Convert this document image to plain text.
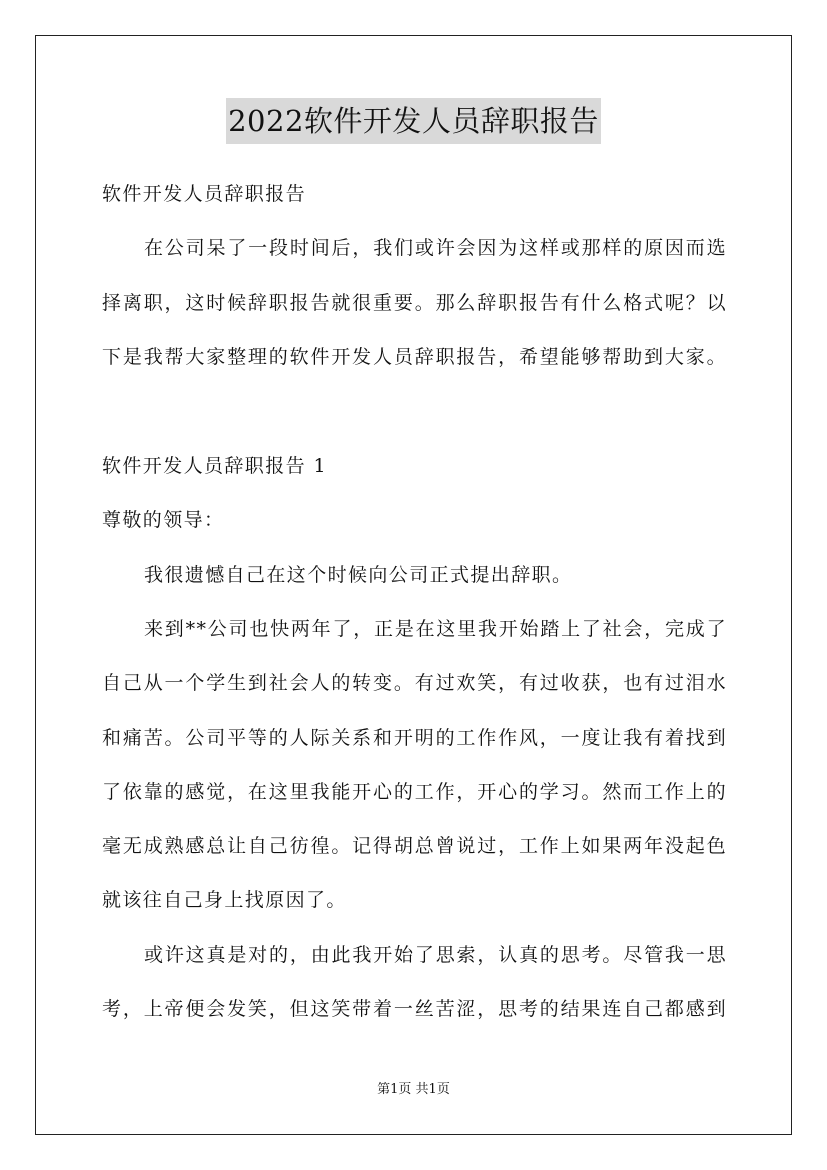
2022软件开发人员辞职报告
软件开发人员辞职报告
在公司呆了一段时间后，我们或许会因为这样或那样的原因而选
择离职，这时候辞职报告就很重要。那么辞职报告有什么格式呢？以
下是我帮大家整理的软件开发人员辞职报告，希望能够帮助到大家。
软件开发人员辞职报告 1
尊敬的领导：
我很遗憾自己在这个时候向公司正式提出辞职。
来到**公司也快两年了，正是在这里我开始踏上了社会，完成了
自己从一个学生到社会人的转变。有过欢笑，有过收获，也有过泪水
和痛苦。公司平等的人际关系和开明的工作作风，一度让我有着找到
了依靠的感觉，在这里我能开心的工作，开心的学习。然而工作上的
毫无成熟感总让自己彷徨。记得胡总曾说过，工作上如果两年没起色
就该往自己身上找原因了。
或许这真是对的，由此我开始了思索，认真的思考。尽管我一思
考，上帝便会发笑，但这笑带着一丝苦涩，思考的结果连自己都感到
第1页 共1页
